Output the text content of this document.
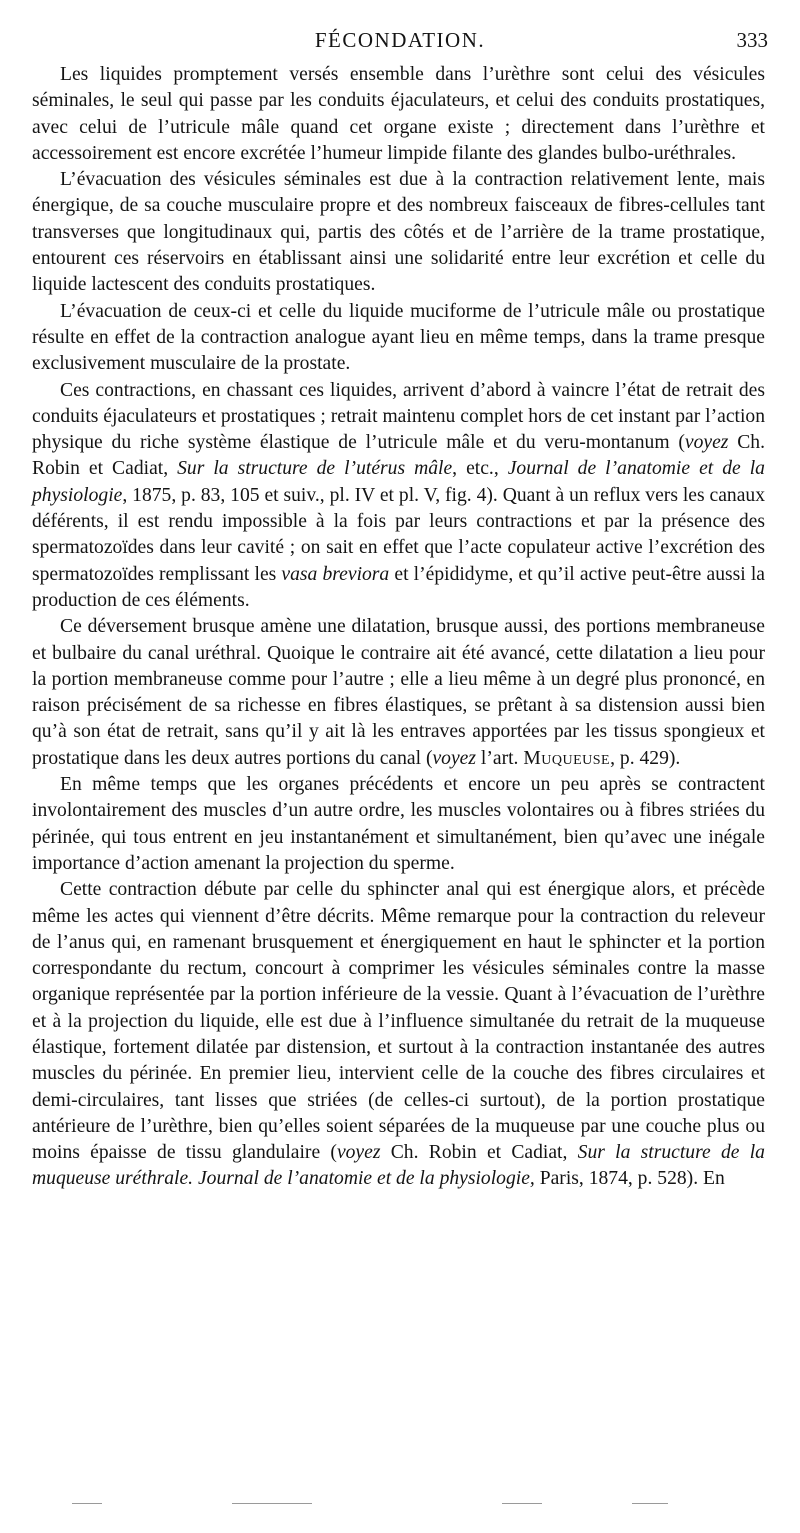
FÉCONDATION.	333

Les liquides promptement versés ensemble dans l’urèthre sont celui des vésicules séminales, le seul qui passe par les conduits éjaculateurs, et celui des conduits prostatiques, avec celui de l’utricule mâle quand cet organe existe ; directement dans l’urèthre et accessoirement est encore excrétée l’humeur limpide filante des glandes bulbo-uréthrales.

L’évacuation des vésicules séminales est due à la contraction relativement lente, mais énergique, de sa couche musculaire propre et des nombreux faisceaux de fibres-cellules tant transverses que longitudinaux qui, partis des côtés et de l’arrière de la trame prostatique, entourent ces réservoirs en établissant ainsi une solidarité entre leur excrétion et celle du liquide lactescent des conduits prostatiques.

L’évacuation de ceux-ci et celle du liquide muciforme de l’utricule mâle ou prostatique résulte en effet de la contraction analogue ayant lieu en même temps, dans la trame presque exclusivement musculaire de la prostate.

Ces contractions, en chassant ces liquides, arrivent d’abord à vaincre l’état de retrait des conduits éjaculateurs et prostatiques ; retrait maintenu complet hors de cet instant par l’action physique du riche système élastique de l’utricule mâle et du veru-montanum (voyez Ch. Robin et Cadiat, Sur la structure de l’utérus mâle, etc., Journal de l’anatomie et de la physiologie, 1875, p. 83, 105 et suiv., pl. IV et pl. V, fig. 4). Quant à un reflux vers les canaux déférents, il est rendu impossible à la fois par leurs contractions et par la présence des spermatozoïdes dans leur cavité ; on sait en effet que l’acte copulateur active l’excrétion des spermatozoïdes remplissant les vasa breviora et l’épididyme, et qu’il active peut-être aussi la production de ces éléments.

Ce déversement brusque amène une dilatation, brusque aussi, des portions membraneuse et bulbaire du canal uréthral. Quoique le contraire ait été avancé, cette dilatation a lieu pour la portion membraneuse comme pour l’autre ; elle a lieu même à un degré plus prononcé, en raison précisément de sa richesse en fibres élastiques, se prêtant à sa distension aussi bien qu’à son état de retrait, sans qu’il y ait là les entraves apportées par les tissus spongieux et prostatique dans les deux autres portions du canal (voyez l’art. Muqueuse, p. 429).

En même temps que les organes précédents et encore un peu après se contractent involontairement des muscles d’un autre ordre, les muscles volontaires ou à fibres striées du périnée, qui tous entrent en jeu instantanément et simultanément, bien qu’avec une inégale importance d’action amenant la projection du sperme.

Cette contraction débute par celle du sphincter anal qui est énergique alors, et précède même les actes qui viennent d’être décrits. Même remarque pour la contraction du releveur de l’anus qui, en ramenant brusquement et énergiquement en haut le sphincter et la portion correspondante du rectum, concourt à comprimer les vésicules séminales contre la masse organique représentée par la portion inférieure de la vessie. Quant à l’évacuation de l’urèthre et à la projection du liquide, elle est due à l’influence simultanée du retrait de la muqueuse élastique, fortement dilatée par distension, et surtout à la contraction instantanée des autres muscles du périnée. En premier lieu, intervient celle de la couche des fibres circulaires et demi-circulaires, tant lisses que striées (de celles-ci surtout), de la portion prostatique antérieure de l’urèthre, bien qu’elles soient séparées de la muqueuse par une couche plus ou moins épaisse de tissu glandulaire (voyez Ch. Robin et Cadiat, Sur la structure de la muqueuse uréthrale. Journal de l’anatomie et de la physiologie, Paris, 1874, p. 528). En
